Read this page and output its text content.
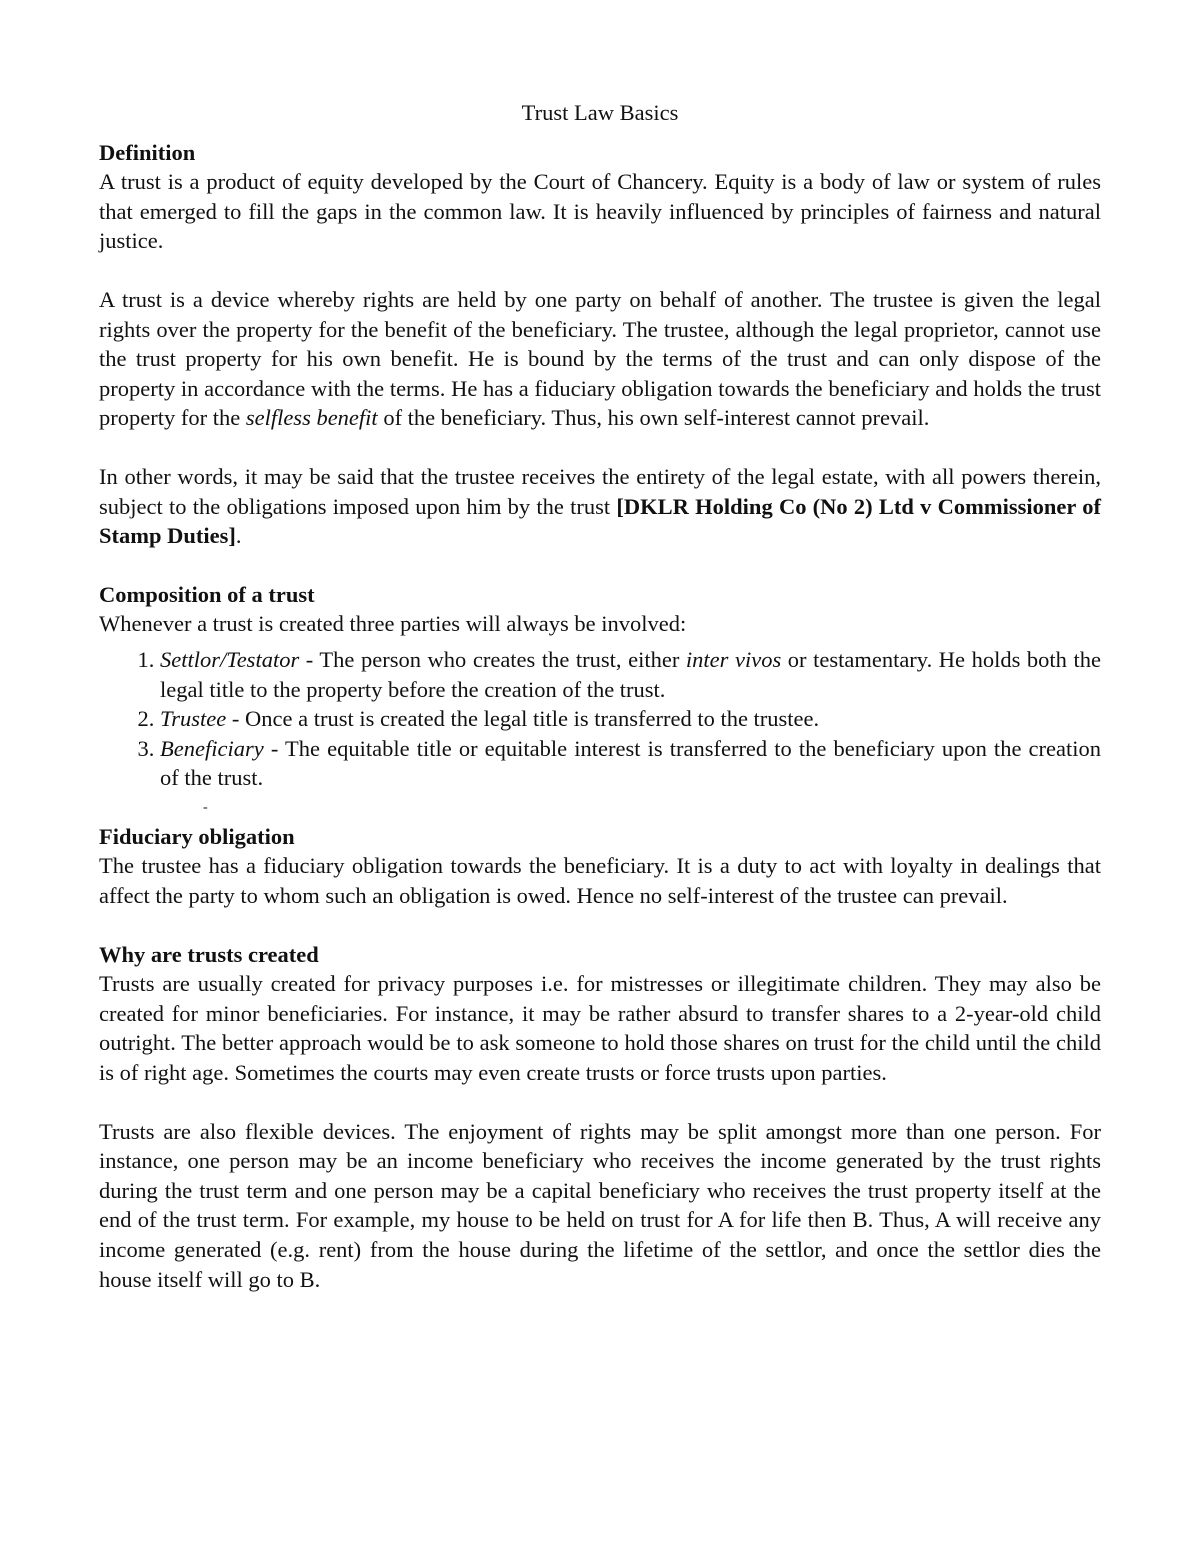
Trust Law Basics
Definition

A trust is a product of equity developed by the Court of Chancery. Equity is a body of law or system of rules that emerged to fill the gaps in the common law. It is heavily influenced by principles of fairness and natural justice.

A trust is a device whereby rights are held by one party on behalf of another. The trustee is given the legal rights over the property for the benefit of the beneficiary. The trustee, although the legal proprietor, cannot use the trust property for his own benefit. He is bound by the terms of the trust and can only dispose of the property in accordance with the terms. He has a fiduciary obligation towards the beneficiary and holds the trust property for the selfless benefit of the beneficiary. Thus, his own self-interest cannot prevail.

In other words, it may be said that the trustee receives the entirety of the legal estate, with all powers therein, subject to the obligations imposed upon him by the trust [DKLR Holding Co (No 2) Ltd v Commissioner of Stamp Duties].

Composition of a trust

Whenever a trust is created three parties will always be involved:

1. Settlor/Testator - The person who creates the trust, either inter vivos or testamentary. He holds both the legal title to the property before the creation of the trust.
2. Trustee - Once a trust is created the legal title is transferred to the trustee.
3. Beneficiary - The equitable title or equitable interest is transferred to the beneficiary upon the creation of the trust.
-
Fiduciary obligation

The trustee has a fiduciary obligation towards the beneficiary. It is a duty to act with loyalty in dealings that affect the party to whom such an obligation is owed. Hence no self-interest of the trustee can prevail.

Why are trusts created

Trusts are usually created for privacy purposes i.e. for mistresses or illegitimate children. They may also be created for minor beneficiaries. For instance, it may be rather absurd to transfer shares to a 2-year-old child outright. The better approach would be to ask someone to hold those shares on trust for the child until the child is of right age. Sometimes the courts may even create trusts or force trusts upon parties.

Trusts are also flexible devices. The enjoyment of rights may be split amongst more than one person. For instance, one person may be an income beneficiary who receives the income generated by the trust rights during the trust term and one person may be a capital beneficiary who receives the trust property itself at the end of the trust term. For example, my house to be held on trust for A for life then B. Thus, A will receive any income generated (e.g. rent) from the house during the lifetime of the settlor, and once the settlor dies the house itself will go to B.
